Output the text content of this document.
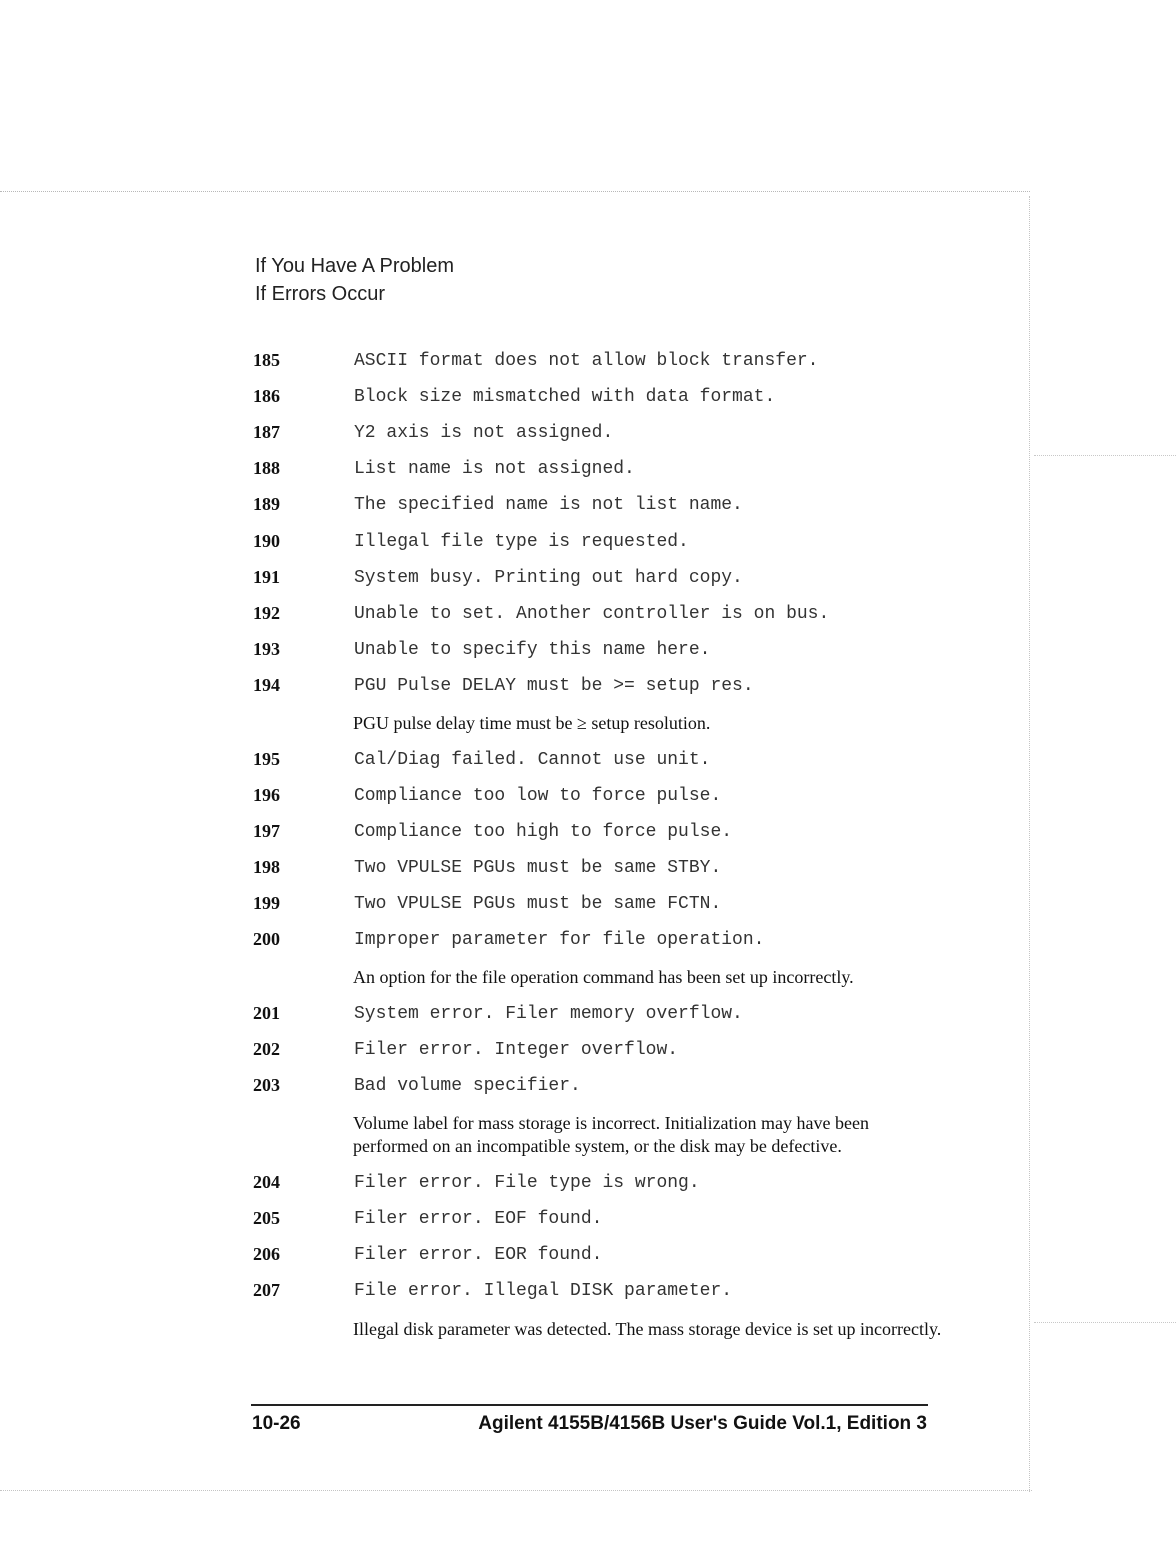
If You Have A Problem
If Errors Occur
185	ASCII format does not allow block transfer.
186	Block size mismatched with data format.
187	Y2 axis is not assigned.
188	List name is not assigned.
189	The specified name is not list name.
190	Illegal file type is requested.
191	System busy. Printing out hard copy.
192	Unable to set. Another controller is on bus.
193	Unable to specify this name here.
194	PGU Pulse DELAY must be >= setup res.
PGU pulse delay time must be ≥ setup resolution.
195	Cal/Diag failed. Cannot use unit.
196	Compliance too low to force pulse.
197	Compliance too high to force pulse.
198	Two VPULSE PGUs must be same STBY.
199	Two VPULSE PGUs must be same FCTN.
200	Improper parameter for file operation.
An option for the file operation command has been set up incorrectly.
201	System error. Filer memory overflow.
202	Filer error. Integer overflow.
203	Bad volume specifier.
Volume label for mass storage is incorrect. Initialization may have been performed on an incompatible system, or the disk may be defective.
204	Filer error. File type is wrong.
205	Filer error. EOF found.
206	Filer error. EOR found.
207	File error. Illegal DISK parameter.
Illegal disk parameter was detected. The mass storage device is set up incorrectly.
10-26	Agilent 4155B/4156B User's Guide Vol.1, Edition 3
